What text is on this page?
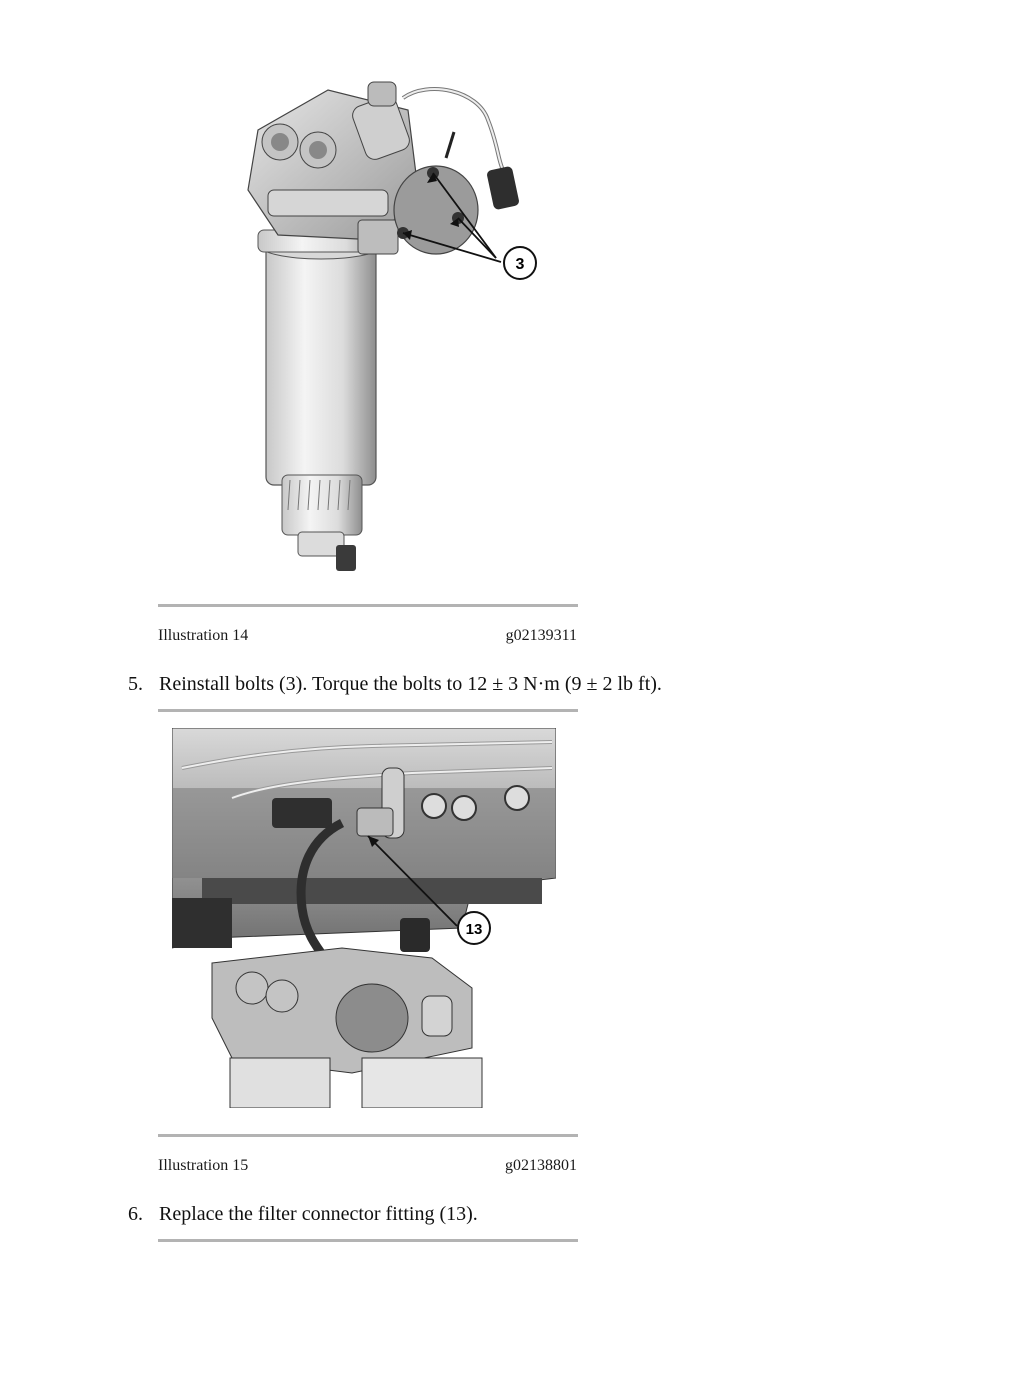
3
Illustration 14	g02139311
5. Reinstall bolts (3). Torque the bolts to 12 ± 3 N·m (9 ± 2 lb ft).
13
Illustration 15	g02138801
6. Replace the filter connector fitting (13).
